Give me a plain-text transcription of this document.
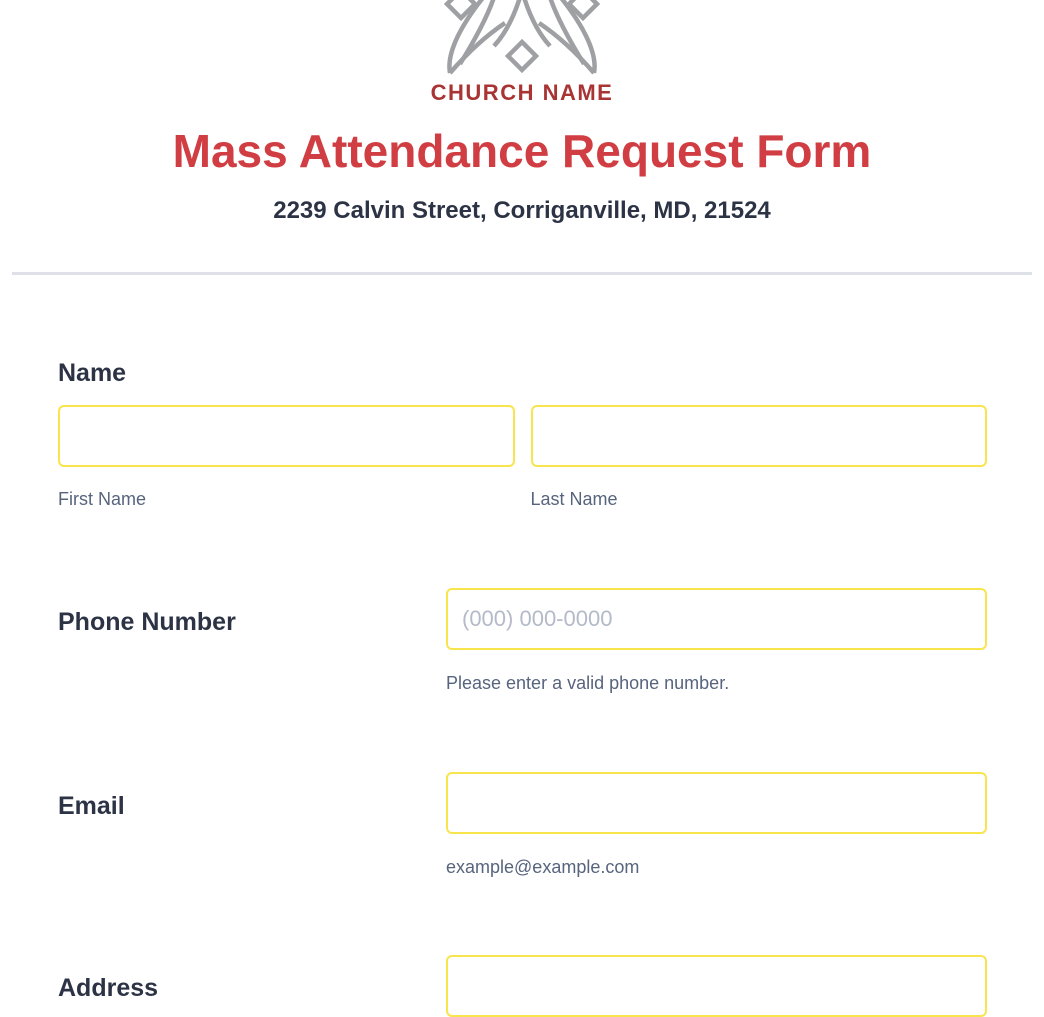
CHURCH NAME
Mass Attendance Request Form
2239 Calvin Street, Corriganville, MD, 21524
Name
First Name	Last Name
Phone Number
(000) 000-0000
Please enter a valid phone number.
Email
example@example.com
Address
